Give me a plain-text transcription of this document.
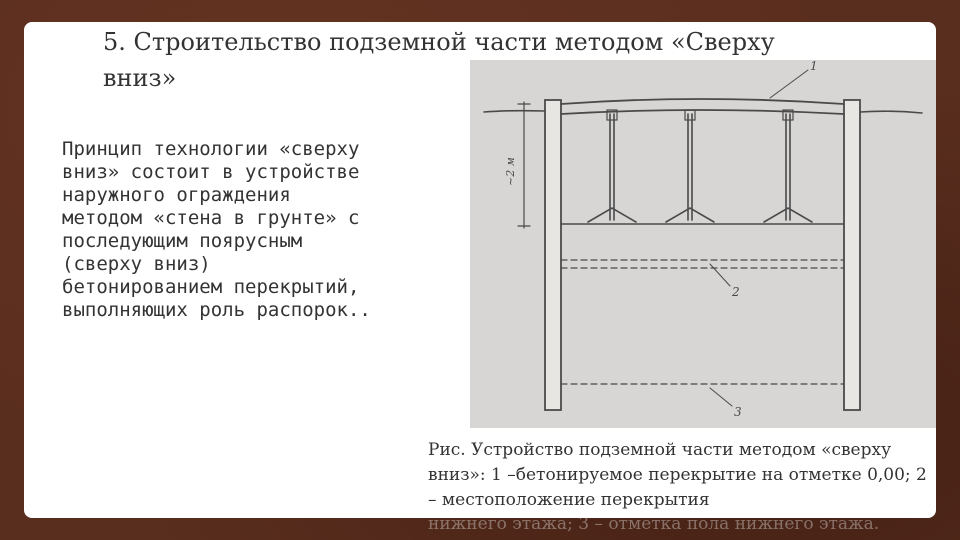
5. Строительство подземной части методом «Сверху вниз»

Принцип технологии «сверху вниз» состоит в устройстве наружного ограждения методом «стена в грунте» с последующим поярусным (сверху вниз) бетонированием перекрытий, выполняющих роль распорок..

1
2
3
~2 м

Рис. Устройство подземной части методом «сверху вниз»: 1 –бетонируемое перекрытие на отметке 0,00; 2 – местоположение перекрытия

нижнего этажа; 3 – отметка пола нижнего этажа.
